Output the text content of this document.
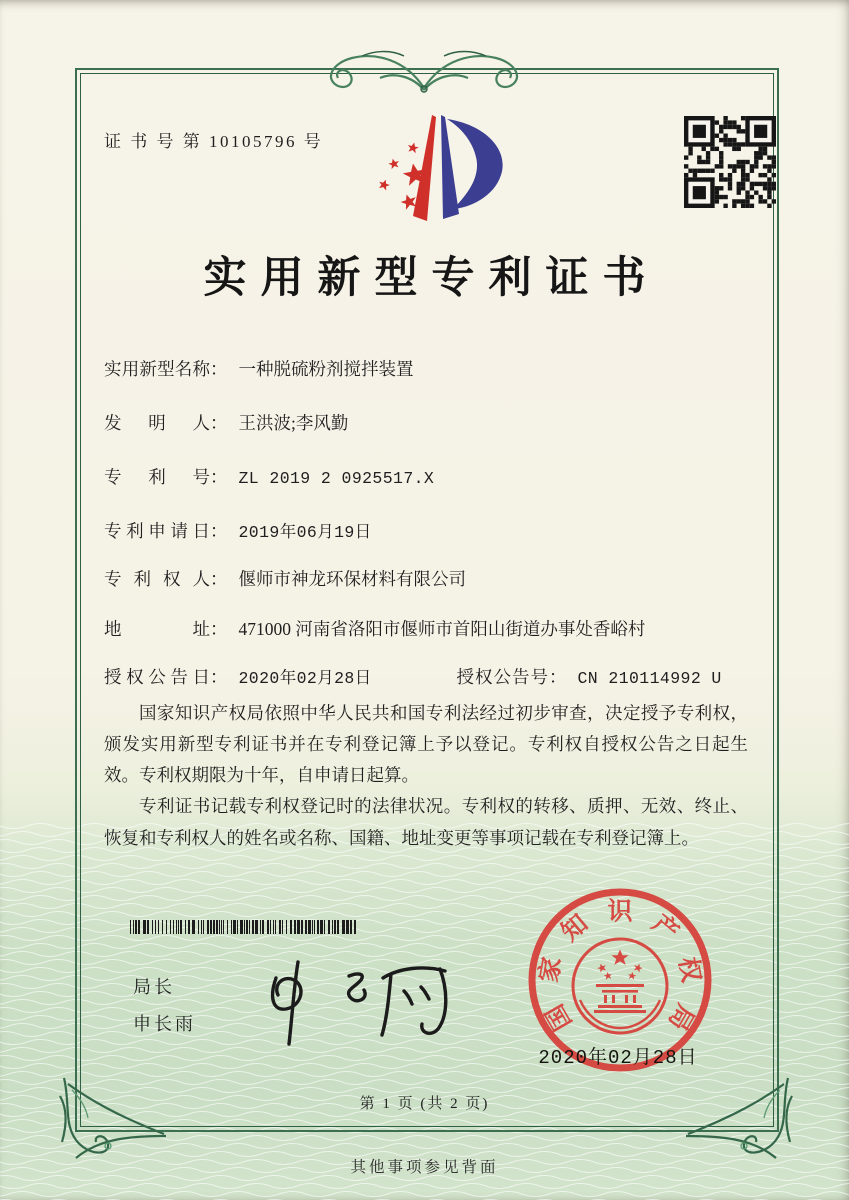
证 书 号 第 10105796 号
实用新型专利证书
实用新型名称 ： 一种脱硫粉剂搅拌装置
发明人 ： 王洪波;李风勤
专利号 ： ZL 2019 2 0925517.X
专利申请日 ： 2019年06月19日
专利权人 ： 偃师市神龙环保材料有限公司
地址 ： 471000 河南省洛阳市偃师市首阳山街道办事处香峪村
授权公告日 ： 2020年02月28日	授权公告号 ： CN 210114992 U

国家知识产权局依照中华人民共和国专利法经过初步审查，决定授予专利权，颁发实用新型专利证书并在专利登记簿上予以登记。专利权自授权公告之日起生效。专利权期限为十年，自申请日起算。

专利证书记载专利权登记时的法律状况。专利权的转移、质押、无效、终止、恢复和专利权人的姓名或名称、国籍、地址变更等事项记载在专利登记簿上。

局长
申长雨	国
家
知 识 产
权
局
2020年02月28日
第 1 页 (共 2 页)
其他事项参见背面
